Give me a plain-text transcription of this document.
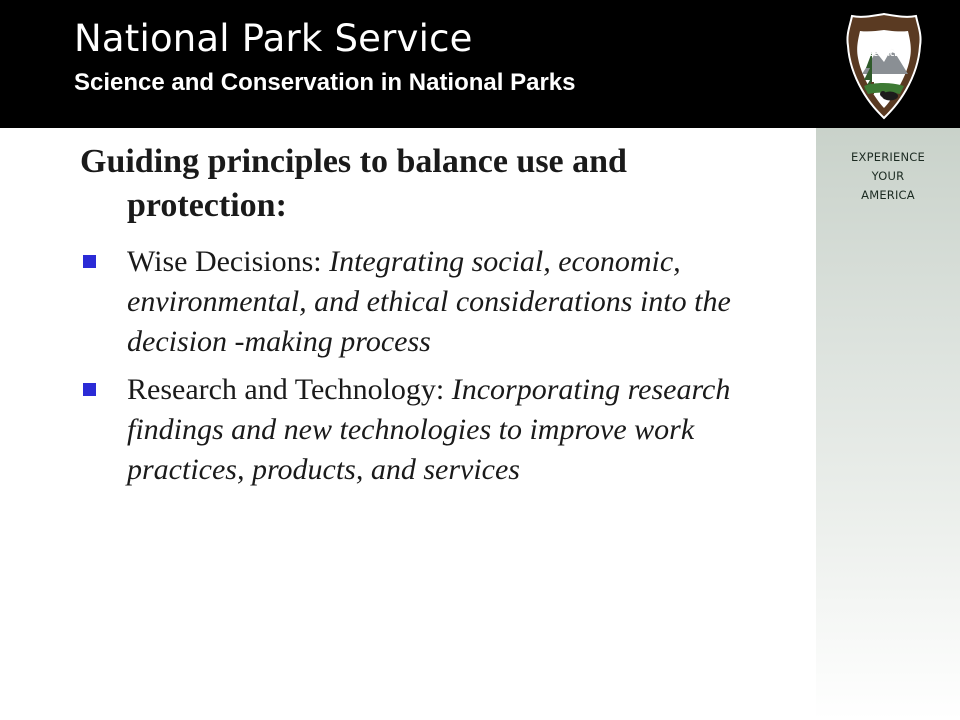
National Park Service
Science and Conservation in National Parks
NATIONAL
PARK
SERVICE
EXPERIENCE
YOUR
AMERICA
Guiding principles to balance use and protection:
Wise Decisions: Integrating social, economic, environmental, and ethical considerations into the decision -making process
Research and Technology: Incorporating research findings and new technologies to improve work practices, products, and services
